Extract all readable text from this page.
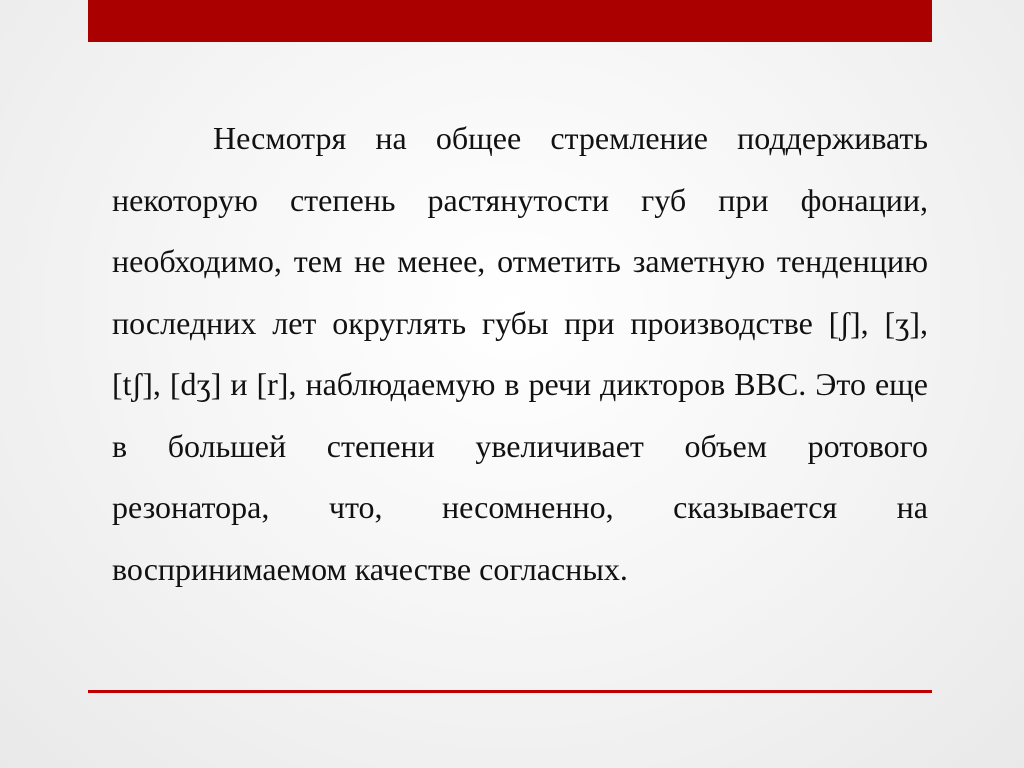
Несмотря на общее стремление поддерживать некоторую степень растянутости губ при фонации, необходимо, тем не менее, отметить заметную тенденцию последних лет округлять губы при производстве [ʃ], [ʒ], [tʃ], [dʒ] и [r], наблюдаемую в речи дикторов BBC. Это еще в большей степени увеличивает объем ротового резонатора, что, несомненно, сказывается на воспринимаемом качестве согласных.
